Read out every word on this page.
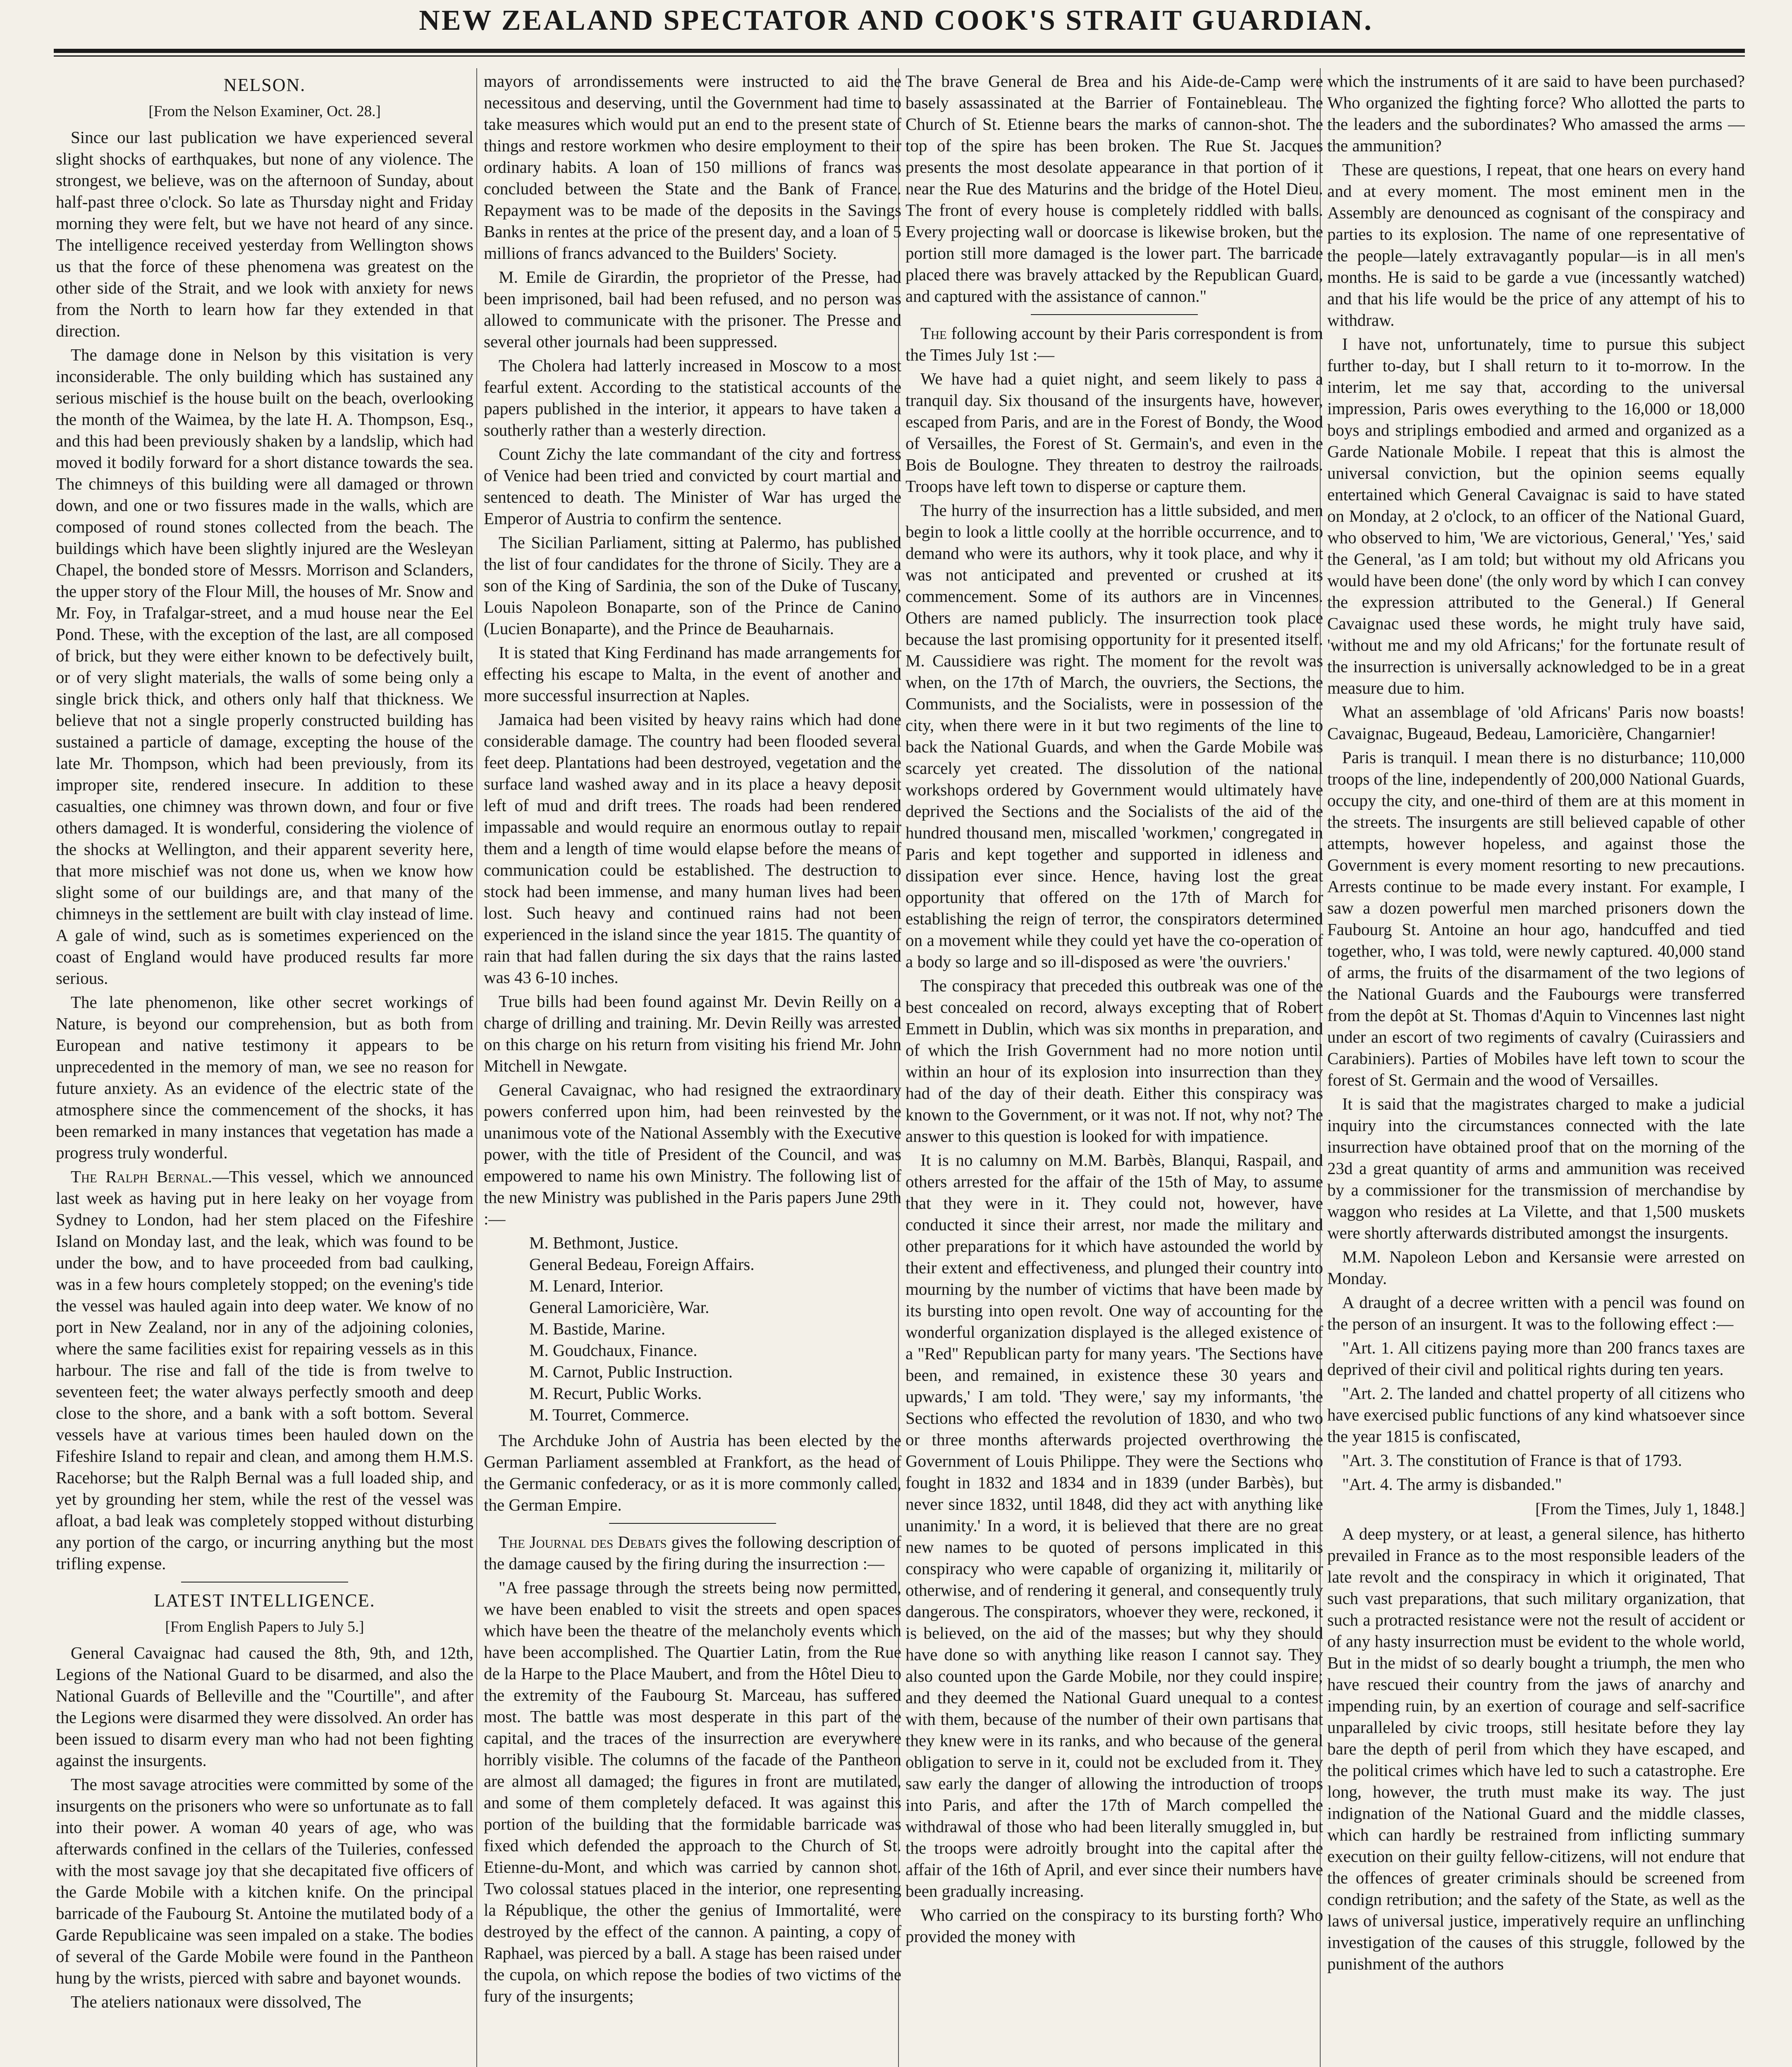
NEW ZEALAND SPECTATOR AND COOK'S STRAIT GUARDIAN.
NELSON.
[From the Nelson Examiner, Oct. 28.]

Since our last publication we have experienced several slight shocks of earthquakes, but none of any violence. The strongest, we believe, was on the afternoon of Sunday, about half-past three o'clock. So late as Thursday night and Friday morning they were felt, but we have not heard of any since. The intelligence received yesterday from Wellington shows us that the force of these phenomena was greatest on the other side of the Strait, and we look with anxiety for news from the North to learn how far they extended in that direction.

The damage done in Nelson by this visitation is very inconsiderable. The only building which has sustained any serious mischief is the house built on the beach, overlooking the month of the Waimea, by the late H. A. Thompson, Esq., and this had been previously shaken by a landslip, which had moved it bodily forward for a short distance towards the sea. The chimneys of this building were all damaged or thrown down, and one or two fissures made in the walls, which are composed of round stones collected from the beach. The buildings which have been slightly injured are the Wesleyan Chapel, the bonded store of Messrs. Morrison and Sclanders, the upper story of the Flour Mill, the houses of Mr. Snow and Mr. Foy, in Trafalgar-street, and a mud house near the Eel Pond. These, with the exception of the last, are all composed of brick, but they were either known to be defectively built, or of very slight materials, the walls of some being only a single brick thick, and others only half that thickness. We believe that not a single properly constructed building has sustained a particle of damage, excepting the house of the late Mr. Thompson, which had been previously, from its improper site, rendered insecure. In addition to these casualties, one chimney was thrown down, and four or five others damaged. It is wonderful, considering the violence of the shocks at Wellington, and their apparent severity here, that more mischief was not done us, when we know how slight some of our buildings are, and that many of the chimneys in the settlement are built with clay instead of lime. A gale of wind, such as is sometimes experienced on the coast of England would have produced results far more serious.

The late phenomenon, like other secret workings of Nature, is beyond our comprehension, but as both from European and native testimony it appears to be unprecedented in the memory of man, we see no reason for future anxiety. As an evidence of the electric state of the atmosphere since the commencement of the shocks, it has been remarked in many instances that vegetation has made a progress truly wonderful.

The Ralph Bernal.—This vessel, which we announced last week as having put in here leaky on her voyage from Sydney to London, had her stem placed on the Fifeshire Island on Monday last, and the leak, which was found to be under the bow, and to have proceeded from bad caulking, was in a few hours completely stopped; on the evening's tide the vessel was hauled again into deep water. We know of no port in New Zealand, nor in any of the adjoining colonies, where the same facilities exist for repairing vessels as in this harbour. The rise and fall of the tide is from twelve to seventeen feet; the water always perfectly smooth and deep close to the shore, and a bank with a soft bottom. Several vessels have at various times been hauled down on the Fifeshire Island to repair and clean, and among them H.M.S. Racehorse; but the Ralph Bernal was a full loaded ship, and yet by grounding her stem, while the rest of the vessel was afloat, a bad leak was completely stopped without disturbing any portion of the cargo, or incurring anything but the most trifling expense.

LATEST INTELLIGENCE.
[From English Papers to July 5.]

General Cavaignac had caused the 8th, 9th, and 12th, Legions of the National Guard to be disarmed, and also the National Guards of Belleville and the "Courtille", and after the Legions were disarmed they were dissolved. An order has been issued to disarm every man who had not been fighting against the insurgents.

The most savage atrocities were committed by some of the insurgents on the prisoners who were so unfortunate as to fall into their power. A woman 40 years of age, who was afterwards confined in the cellars of the Tuileries, confessed with the most savage joy that she decapitated five officers of the Garde Mobile with a kitchen knife. On the principal barricade of the Faubourg St. Antoine the mutilated body of a Garde Republicaine was seen impaled on a stake. The bodies of several of the Garde Mobile were found in the Pantheon hung by the wrists, pierced with sabre and bayonet wounds.

The ateliers nationaux were dissolved, The

mayors of arrondissements were instructed to aid the necessitous and deserving, until the Government had time to take measures which would put an end to the present state of things and restore workmen who desire employment to their ordinary habits. A loan of 150 millions of francs was concluded between the State and the Bank of France. Repayment was to be made of the deposits in the Savings Banks in rentes at the price of the present day, and a loan of 5 millions of francs advanced to the Builders' Society.

M. Emile de Girardin, the proprietor of the Presse, had been imprisoned, bail had been refused, and no person was allowed to communicate with the prisoner. The Presse and several other journals had been suppressed.

The Cholera had latterly increased in Moscow to a most fearful extent. According to the statistical accounts of the papers published in the interior, it appears to have taken a southerly rather than a westerly direction.

Count Zichy the late commandant of the city and fortress of Venice had been tried and convicted by court martial and sentenced to death. The Minister of War has urged the Emperor of Austria to confirm the sentence.

The Sicilian Parliament, sitting at Palermo, has published the list of four candidates for the throne of Sicily. They are a son of the King of Sardinia, the son of the Duke of Tuscany, Louis Napoleon Bonaparte, son of the Prince de Canino (Lucien Bonaparte), and the Prince de Beauharnais.

It is stated that King Ferdinand has made arrangements for effecting his escape to Malta, in the event of another and more successful insurrection at Naples.

Jamaica had been visited by heavy rains which had done considerable damage. The country had been flooded several feet deep. Plantations had been destroyed, vegetation and the surface land washed away and in its place a heavy deposit left of mud and drift trees. The roads had been rendered impassable and would require an enormous outlay to repair them and a length of time would elapse before the means of communication could be established. The destruction to stock had been immense, and many human lives had been lost. Such heavy and continued rains had not been experienced in the island since the year 1815. The quantity of rain that had fallen during the six days that the rains lasted was 43 6-10 inches.

True bills had been found against Mr. Devin Reilly on a charge of drilling and training. Mr. Devin Reilly was arrested on this charge on his return from visiting his friend Mr. John Mitchell in Newgate.

General Cavaignac, who had resigned the extraordinary powers conferred upon him, had been reinvested by the unanimous vote of the National Assembly with the Executive power, with the title of President of the Council, and was empowered to name his own Ministry. The following list of the new Ministry was published in the Paris papers June 29th :—

M. Bethmont, Justice.
General Bedeau, Foreign Affairs.
M. Lenard, Interior.
General Lamoricière, War.
M. Bastide, Marine.
M. Goudchaux, Finance.
M. Carnot, Public Instruction.
M. Recurt, Public Works.
M. Tourret, Commerce.

The Archduke John of Austria has been elected by the German Parliament assembled at Frankfort, as the head of the Germanic confederacy, or as it is more commonly called, the German Empire.

The Journal des Debats gives the following description of the damage caused by the firing during the insurrection :—

"A free passage through the streets being now permitted, we have been enabled to visit the streets and open spaces which have been the theatre of the melancholy events which have been accomplished. The Quartier Latin, from the Rue de la Harpe to the Place Maubert, and from the Hôtel Dieu to the extremity of the Faubourg St. Marceau, has suffered most. The battle was most desperate in this part of the capital, and the traces of the insurrection are everywhere horribly visible. The columns of the facade of the Pantheon are almost all damaged; the figures in front are mutilated, and some of them completely defaced. It was against this portion of the building that the formidable barricade was fixed which defended the approach to the Church of St. Etienne-du-Mont, and which was carried by cannon shot. Two colossal statues placed in the interior, one representing la République, the other the genius of Immortalité, were destroyed by the effect of the cannon. A painting, a copy of Raphael, was pierced by a ball. A stage has been raised under the cupola, on which repose the bodies of two victims of the fury of the insurgents;

The brave General de Brea and his Aide-de-Camp were basely assassinated at the Barrier of Fontainebleau. The Church of St. Etienne bears the marks of cannon-shot. The top of the spire has been broken. The Rue St. Jacques presents the most desolate appearance in that portion of it near the Rue des Maturins and the bridge of the Hotel Dieu. The front of every house is completely riddled with balls. Every projecting wall or doorcase is likewise broken, but the portion still more damaged is the lower part. The barricade placed there was bravely attacked by the Republican Guard, and captured with the assistance of cannon."

The following account by their Paris correspondent is from the Times July 1st :—

We have had a quiet night, and seem likely to pass a tranquil day. Six thousand of the insurgents have, however, escaped from Paris, and are in the Forest of Bondy, the Wood of Versailles, the Forest of St. Germain's, and even in the Bois de Boulogne. They threaten to destroy the railroads. Troops have left town to disperse or capture them.

The hurry of the insurrection has a little subsided, and men begin to look a little coolly at the horrible occurrence, and to demand who were its authors, why it took place, and why it was not anticipated and prevented or crushed at its commencement. Some of its authors are in Vincennes. Others are named publicly. The insurrection took place because the last promising opportunity for it presented itself. M. Caussidiere was right. The moment for the revolt was when, on the 17th of March, the ouvriers, the Sections, the Communists, and the Socialists, were in possession of the city, when there were in it but two regiments of the line to back the National Guards, and when the Garde Mobile was scarcely yet created. The dissolution of the national workshops ordered by Government would ultimately have deprived the Sections and the Socialists of the aid of the hundred thousand men, miscalled 'workmen,' congregated in Paris and kept together and supported in idleness and dissipation ever since. Hence, having lost the great opportunity that offered on the 17th of March for establishing the reign of terror, the conspirators determined on a movement while they could yet have the co-operation of a body so large and so ill-disposed as were 'the ouvriers.'

The conspiracy that preceded this outbreak was one of the best concealed on record, always excepting that of Robert Emmett in Dublin, which was six months in preparation, and of which the Irish Government had no more notion until within an hour of its explosion into insurrection than they had of the day of their death. Either this conspiracy was known to the Government, or it was not. If not, why not? The answer to this question is looked for with impatience.

It is no calumny on M.M. Barbès, Blanqui, Raspail, and others arrested for the affair of the 15th of May, to assume that they were in it. They could not, however, have conducted it since their arrest, nor made the military and other preparations for it which have astounded the world by their extent and effectiveness, and plunged their country into mourning by the number of victims that have been made by its bursting into open revolt. One way of accounting for the wonderful organization displayed is the alleged existence of a "Red" Republican party for many years. 'The Sections have been, and remained, in existence these 30 years and upwards,' I am told. 'They were,' say my informants, 'the Sections who effected the revolution of 1830, and who two or three months afterwards projected overthrowing the Government of Louis Philippe. They were the Sections who fought in 1832 and 1834 and in 1839 (under Barbès), but never since 1832, until 1848, did they act with anything like unanimity.' In a word, it is believed that there are no great new names to be quoted of persons implicated in this conspiracy who were capable of organizing it, militarily or otherwise, and of rendering it general, and consequently truly dangerous. The conspirators, whoever they were, reckoned, it is believed, on the aid of the masses; but why they should have done so with anything like reason I cannot say. They also counted upon the Garde Mobile, nor they could inspire; and they deemed the National Guard unequal to a contest with them, because of the number of their own partisans that they knew were in its ranks, and who because of the general obligation to serve in it, could not be excluded from it. They saw early the danger of allowing the introduction of troops into Paris, and after the 17th of March compelled the withdrawal of those who had been literally smuggled in, but the troops were adroitly brought into the capital after the affair of the 16th of April, and ever since their numbers have been gradually increasing.

Who carried on the conspiracy to its bursting forth? Who provided the money with

which the instruments of it are said to have been purchased? Who organized the fighting force? Who allotted the parts to the leaders and the subordinates? Who amassed the arms —the ammunition?

These are questions, I repeat, that one hears on every hand and at every moment. The most eminent men in the Assembly are denounced as cognisant of the conspiracy and parties to its explosion. The name of one representative of the people—lately extravagantly popular—is in all men's months. He is said to be garde a vue (incessantly watched) and that his life would be the price of any attempt of his to withdraw.

I have not, unfortunately, time to pursue this subject further to-day, but I shall return to it to-morrow. In the interim, let me say that, according to the universal impression, Paris owes everything to the 16,000 or 18,000 boys and striplings embodied and armed and organized as a Garde Nationale Mobile. I repeat that this is almost the universal conviction, but the opinion seems equally entertained which General Cavaignac is said to have stated on Monday, at 2 o'clock, to an officer of the National Guard, who observed to him, 'We are victorious, General,' 'Yes,' said the General, 'as I am told; but without my old Africans you would have been done' (the only word by which I can convey the expression attributed to the General.) If General Cavaignac used these words, he might truly have said, 'without me and my old Africans;' for the fortunate result of the insurrection is universally acknowledged to be in a great measure due to him.

What an assemblage of 'old Africans' Paris now boasts! Cavaignac, Bugeaud, Bedeau, Lamoricière, Changarnier!

Paris is tranquil. I mean there is no disturbance; 110,000 troops of the line, independently of 200,000 National Guards, occupy the city, and one-third of them are at this moment in the streets. The insurgents are still believed capable of other attempts, however hopeless, and against those the Government is every moment resorting to new precautions. Arrests continue to be made every instant. For example, I saw a dozen powerful men marched prisoners down the Faubourg St. Antoine an hour ago, handcuffed and tied together, who, I was told, were newly captured. 40,000 stand of arms, the fruits of the disarmament of the two legions of the National Guards and the Faubourgs were transferred from the depôt at St. Thomas d'Aquin to Vincennes last night under an escort of two regiments of cavalry (Cuirassiers and Carabiniers). Parties of Mobiles have left town to scour the forest of St. Germain and the wood of Versailles.

It is said that the magistrates charged to make a judicial inquiry into the circumstances connected with the late insurrection have obtained proof that on the morning of the 23d a great quantity of arms and ammunition was received by a commissioner for the transmission of merchandise by waggon who resides at La Vilette, and that 1,500 muskets were shortly afterwards distributed amongst the insurgents.

M.M. Napoleon Lebon and Kersansie were arrested on Monday.

A draught of a decree written with a pencil was found on the person of an insurgent. It was to the following effect :—

"Art. 1. All citizens paying more than 200 francs taxes are deprived of their civil and political rights during ten years.

"Art. 2. The landed and chattel property of all citizens who have exercised public functions of any kind whatsoever since the year 1815 is confiscated,

"Art. 3. The constitution of France is that of 1793.

"Art. 4. The army is disbanded."

[From the Times, July 1, 1848.]

A deep mystery, or at least, a general silence, has hitherto prevailed in France as to the most responsible leaders of the late revolt and the conspiracy in which it originated, That such vast preparations, that such military organization, that such a protracted resistance were not the result of accident or of any hasty insurrection must be evident to the whole world, But in the midst of so dearly bought a triumph, the men who have rescued their country from the jaws of anarchy and impending ruin, by an exertion of courage and self-sacrifice unparalleled by civic troops, still hesitate before they lay bare the depth of peril from which they have escaped, and the political crimes which have led to such a catastrophe. Ere long, however, the truth must make its way. The just indignation of the National Guard and the middle classes, which can hardly be restrained from inflicting summary execution on their guilty fellow-citizens, will not endure that the offences of greater criminals should be screened from condign retribution; and the safety of the State, as well as the laws of universal justice, imperatively require an unflinching investigation of the causes of this struggle, followed by the punishment of the authors
